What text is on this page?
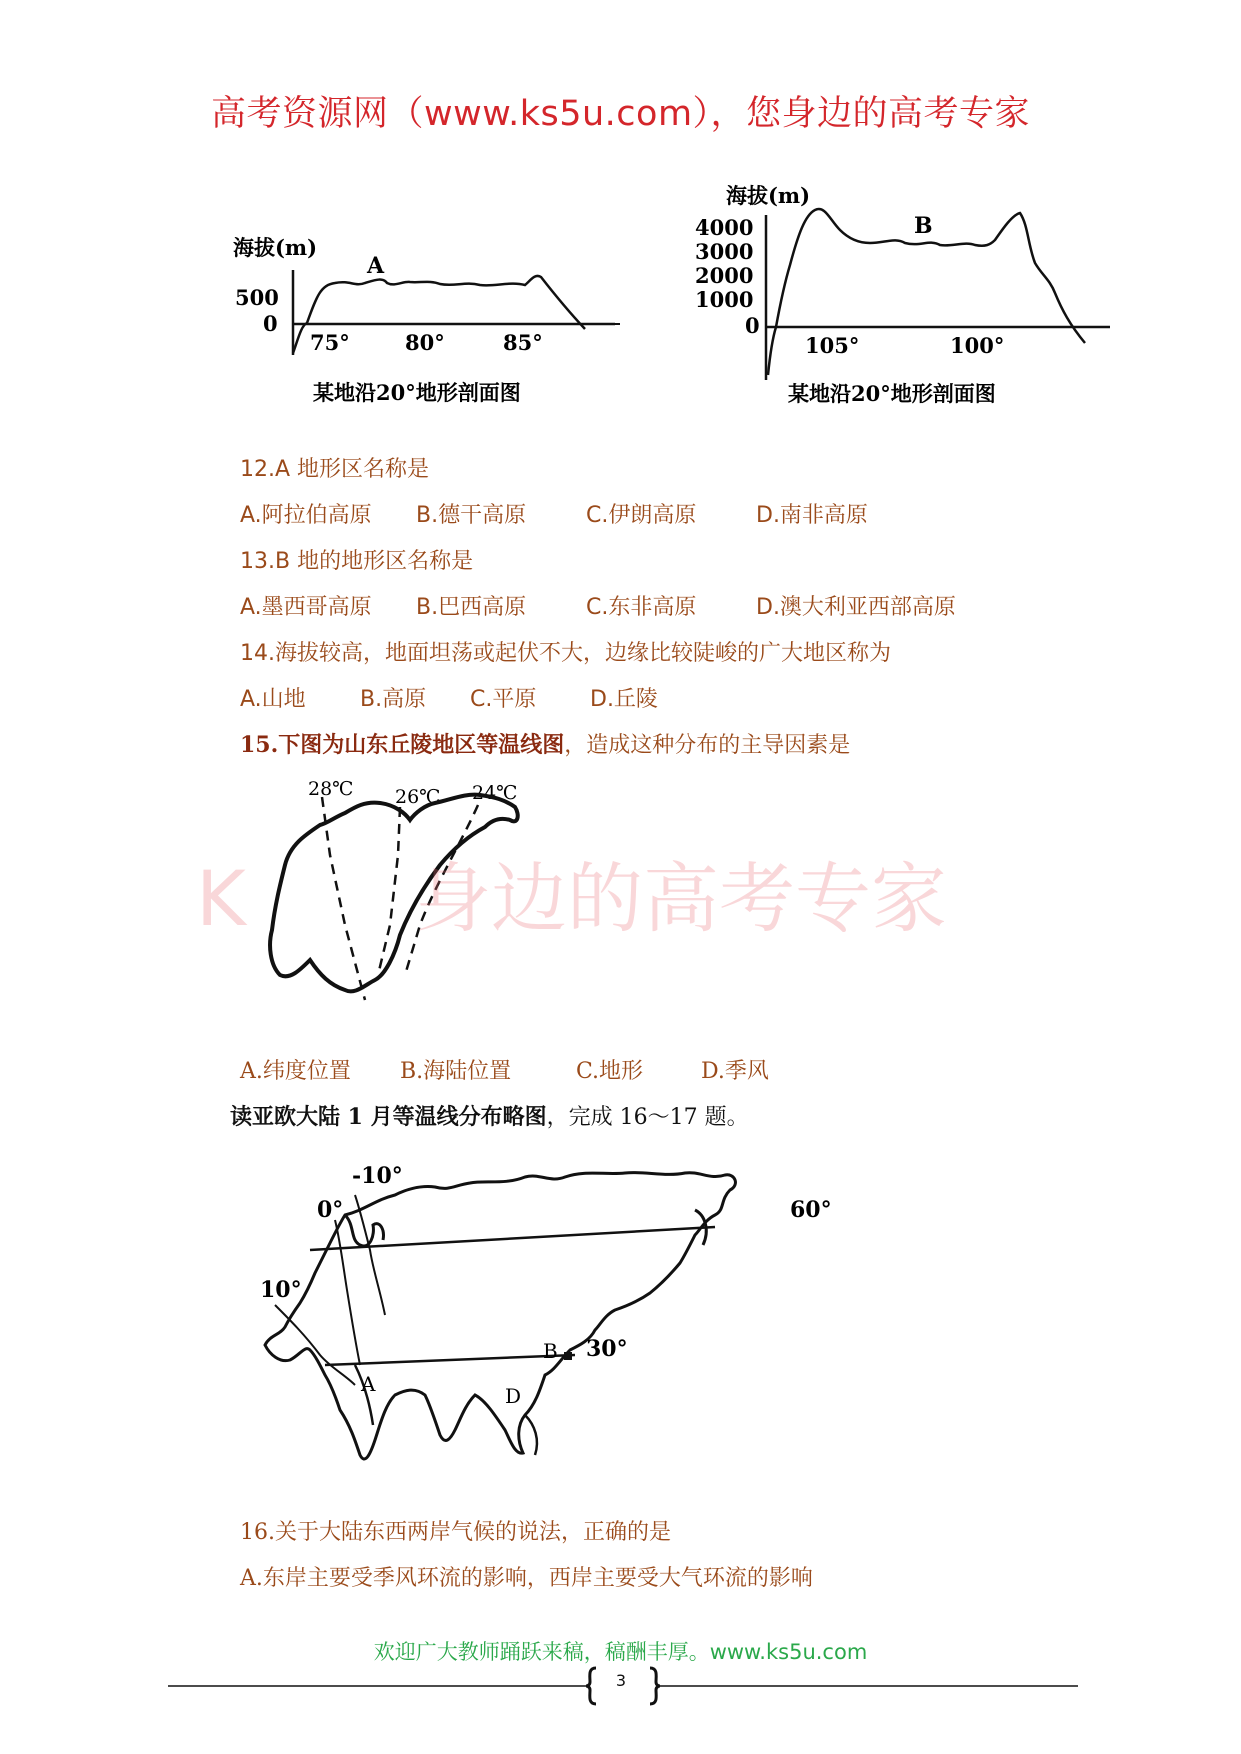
高考资源网（www.ks5u.com），您身边的高考专家
海拔(m)
500
0
A
75°	80°	85°
某地沿20°地形剖面图
海拔(m)
4000
3000
2000
1000
0
B
105°	100°
某地沿20°地形剖面图
12.A 地形区名称是
A.阿拉伯高原 B.德干高原	C.伊朗高原	D.南非高原
13.B 地的地形区名称是
A.墨西哥高原 B.巴西高原	C.东非高原	D.澳大利亚西部高原
14.海拔较高，地面坦荡或起伏不大，边缘比较陡峻的广大地区称为
A.山地 B.高原 C.平原 D.丘陵
15.下图为山东丘陵地区等温线图，造成这种分布的主导因素是
28℃ 26℃ 24℃
K       身边的高考专家
A.纬度位置 B.海陆位置	C.地形	D.季风
读亚欧大陆 1 月等温线分布略图，完成 16～17 题。
-10°
0°
10°
60°
30°
A
B
D
16.关于大陆东西两岸气候的说法，正确的是
A.东岸主要受季风环流的影响，西岸主要受大气环流的影响
欢迎广大教师踊跃来稿，稿酬丰厚。www.ks5u.com
3
